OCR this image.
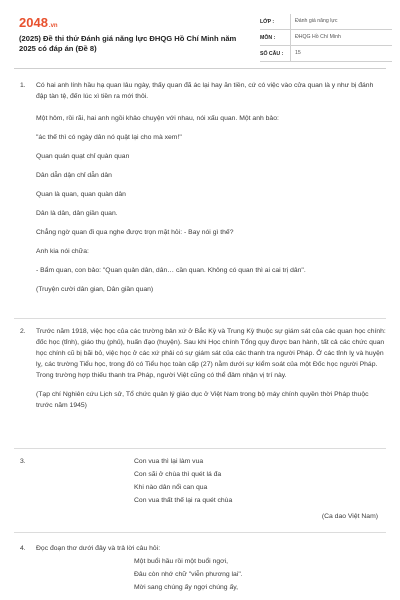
2048.vn
(2025) Đề thi thử Đánh giá năng lực ĐHQG Hồ Chí Minh năm 2025 có đáp án (Đề 8)
LỚP :	Đánh giá năng lực
MÔN :	ĐHQG Hồ Chí Minh
SỐ CÂU :	15
1.	Có hai anh lính hầu hạ quan lâu ngày, thấy quan đã ác lại hay ăn tiền, cứ có việc vào cửa quan là y như bị đánh đập tàn tệ, đến lúc xì tiền ra mới thôi.

Một hôm, rồi rãi, hai anh ngồi khảo chuyện với nhau, nói xấu quan. Một anh bảo:

"ác thế thì có ngày dân nó quật lại cho mà xem!"

Quan quán quạt chỉ quàn quan

Dân dẫn dận chỉ dẫn dân

Quan là quan, quan quàn dân

Dân là dân, dân giần quan.

Chẳng ngờ quan đi qua nghe được trọn mặt hỏi: - Bay nói gì thế?

Anh kia nói chữa:

- Bẩm quan, con bảo: "Quan quản dân, dân… cần quan. Không có quan thì ai cai trị dân".

(Truyện cười dân gian, Dân giần quan)

2.	Trước năm 1918, việc học của các trường bản xứ ở Bắc Kỳ và Trung Kỳ thuộc sự giám sát của các quan học chính: đốc học (tỉnh), giáo thụ (phủ), huấn đạo (huyện). Sau khi Học chính Tổng quy được ban hành, tất cả các chức quan học chính cũ bị bãi bỏ, việc học ở các xứ phải có sự giám sát của các thanh tra người Pháp. Ở các tỉnh lỵ và huyện lỵ, các trường Tiểu học, trong đó có Tiểu học toàn cấp (27) nằm dưới sự kiểm soát của một Đốc học người Pháp. Trong trường hợp thiếu thanh tra Pháp, người Việt cũng có thể đảm nhận vị trí này.

(Tạp chí Nghiên cứu Lịch sử, Tổ chức quản lý giáo dục ở Việt Nam trong bộ máy chính quyền thời Pháp thuộc trước năm 1945)

3.	Con vua thì lại làm vua
Con sãi ở chùa thì quét lá đa
Khi nào dân nổi can qua
Con vua thất thế lại ra quét chùa
(Ca dao Việt Nam)
4.	Đọc đoạn thơ dưới đây và trả lời câu hỏi:

Một buổi hầu rồi một buổi ngơi,
Đâu còn nhớ chữ "viễn phương lai".
Mời sang chúng ấy ngợi chúng ấy,
